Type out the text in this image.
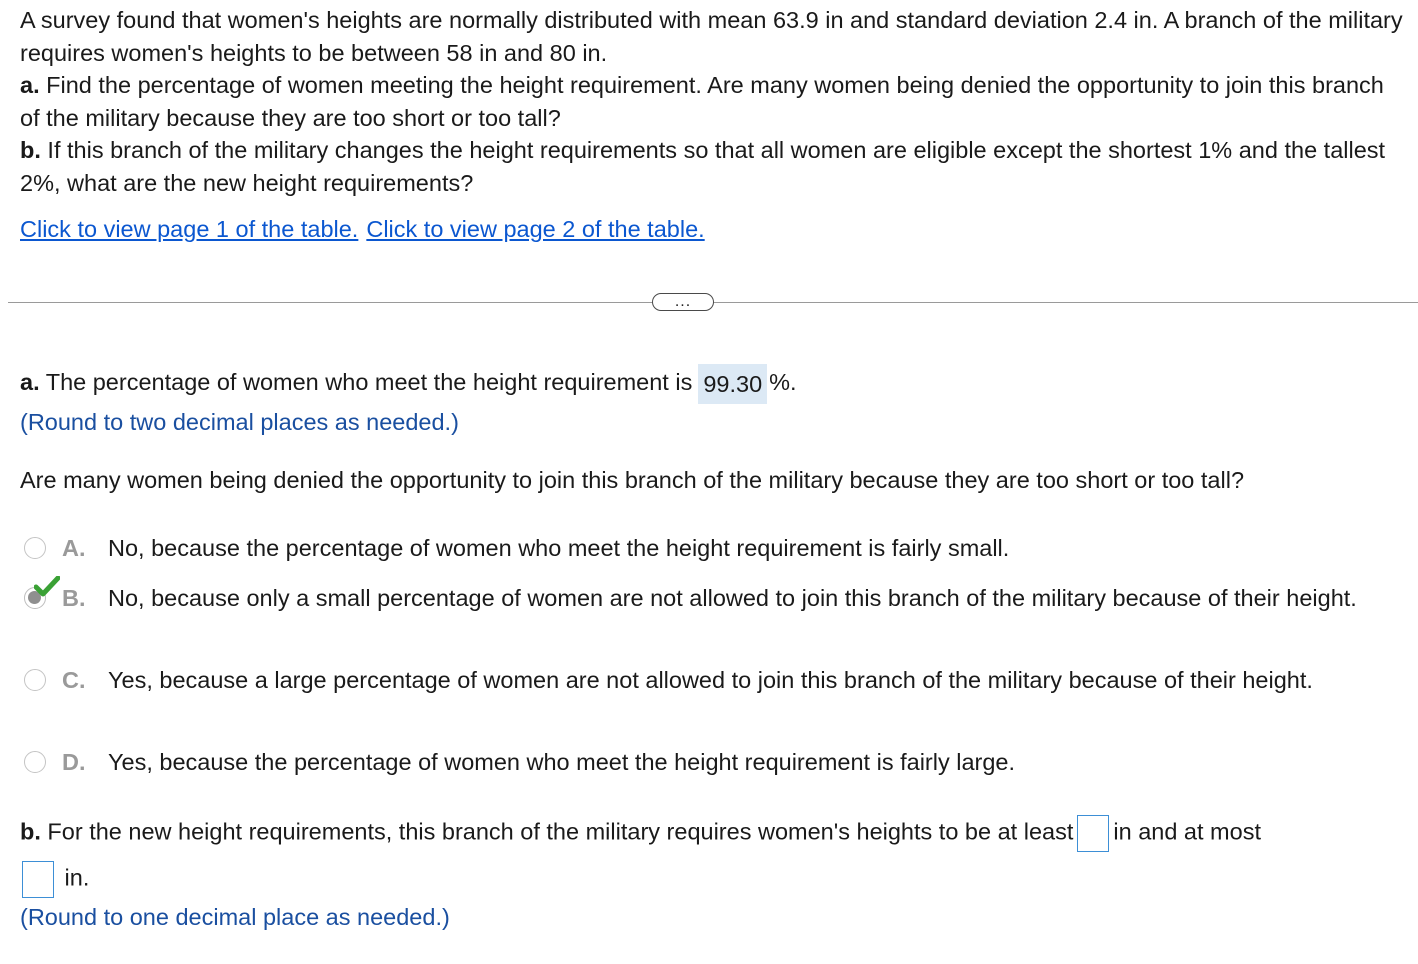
A survey found that women's heights are normally distributed with mean 63.9 in and standard deviation 2.4 in. A branch of the military requires women's heights to be between 58 in and 80 in.

a. Find the percentage of women meeting the height requirement. Are many women being denied the opportunity to join this branch of the military because they are too short or too tall?

b. If this branch of the military changes the height requirements so that all women are eligible except the shortest 1% and the tallest 2%, what are the new height requirements?

Click to view page 1 of the table. Click to view page 2 of the table.
...
a. The percentage of women who meet the height requirement is 99.30 %.
(Round to two decimal places as needed.)
Are many women being denied the opportunity to join this branch of the military because they are too short or too tall?
A. No, because the percentage of women who meet the height requirement is fairly small.
B. No, because only a small percentage of women are not allowed to join this branch of the military because of their height.
C. Yes, because a large percentage of women are not allowed to join this branch of the military because of their height.
D. Yes, because the percentage of women who meet the height requirement is fairly large.
b. For the new height requirements, this branch of the military requires women's heights to be at least in and at most
in.
(Round to one decimal place as needed.)
